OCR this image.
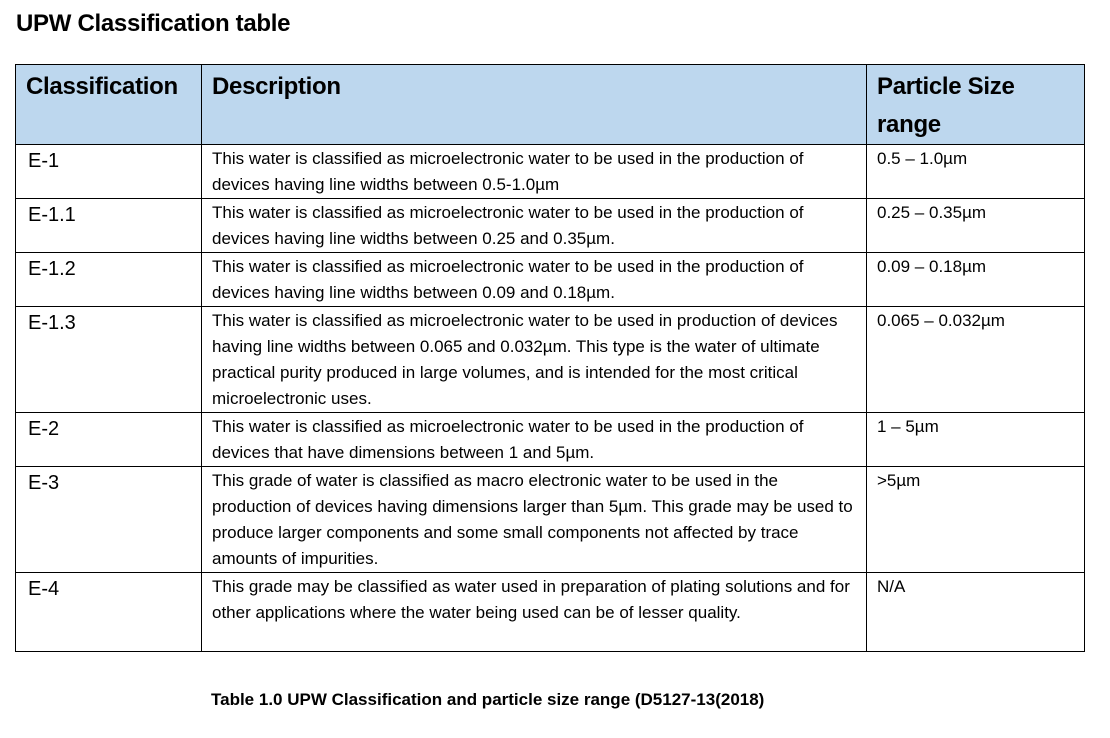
UPW Classification table
Classification	Description	Particle Size range
E-1	This water is classified as microelectronic water to be used in the production of devices having line widths between 0.5-1.0µm	0.5 – 1.0µm
E-1.1	This water is classified as microelectronic water to be used in the production of devices having line widths between 0.25 and 0.35µm.	0.25 – 0.35µm
E-1.2	This water is classified as microelectronic water to be used in the production of devices having line widths between 0.09 and 0.18µm.	0.09 – 0.18µm
E-1.3	This water is classified as microelectronic water to be used in production of devices having line widths between 0.065 and 0.032µm. This type is the water of ultimate practical purity produced in large volumes, and is intended for the most critical microelectronic uses.	0.065 – 0.032µm
E-2	This water is classified as microelectronic water to be used in the production of devices that have dimensions between 1 and 5µm.	1 – 5µm
E-3	This grade of water is classified as macro electronic water to be used in the production of devices having dimensions larger than 5µm. This grade may be used to produce larger components and some small components not affected by trace amounts of impurities.	>5µm
E-4	This grade may be classified as water used in preparation of plating solutions and for other applications where the water being used can be of lesser quality.	N/A
Table 1.0 UPW Classification and particle size range (D5127-13(2018)
